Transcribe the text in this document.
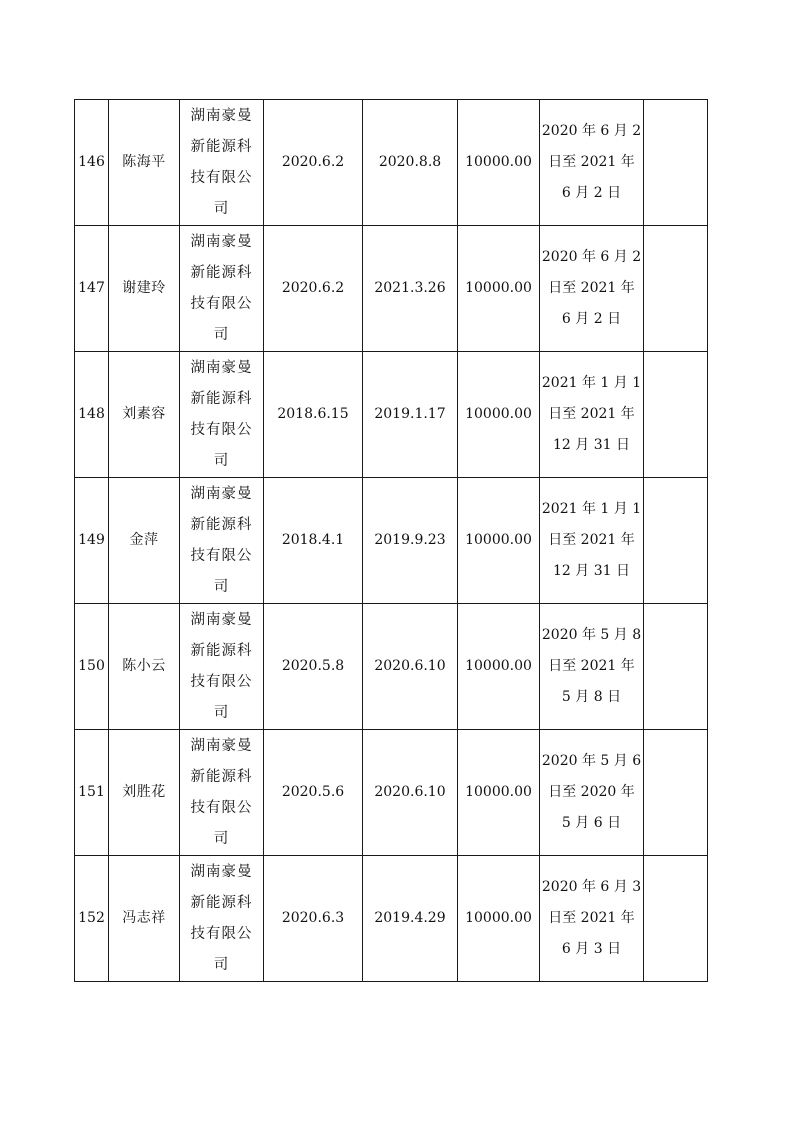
146	陈海平	湖南豪曼
新能源科
技有限公
司	2020.6.2	2020.8.8	10000.00	2020 年 6 月 2
日至 2021 年
6 月 2 日	

147	谢建玲	湖南豪曼
新能源科
技有限公
司	2020.6.2	2021.3.26	10000.00	2020 年 6 月 2
日至 2021 年
6 月 2 日	

148	刘素容	湖南豪曼
新能源科
技有限公
司	2018.6.15	2019.1.17	10000.00	2021 年 1 月 1
日至 2021 年
12 月 31 日	

149	金萍	湖南豪曼
新能源科
技有限公
司	2018.4.1	2019.9.23	10000.00	2021 年 1 月 1
日至 2021 年
12 月 31 日	

150	陈小云	湖南豪曼
新能源科
技有限公
司	2020.5.8	2020.6.10	10000.00	2020 年 5 月 8
日至 2021 年
5 月 8 日	

151	刘胜花	湖南豪曼
新能源科
技有限公
司	2020.5.6	2020.6.10	10000.00	2020 年 5 月 6
日至 2020 年
5 月 6 日	

152	冯志祥	湖南豪曼
新能源科
技有限公
司	2020.6.3	2019.4.29	10000.00	2020 年 6 月 3
日至 2021 年
6 月 3 日	
